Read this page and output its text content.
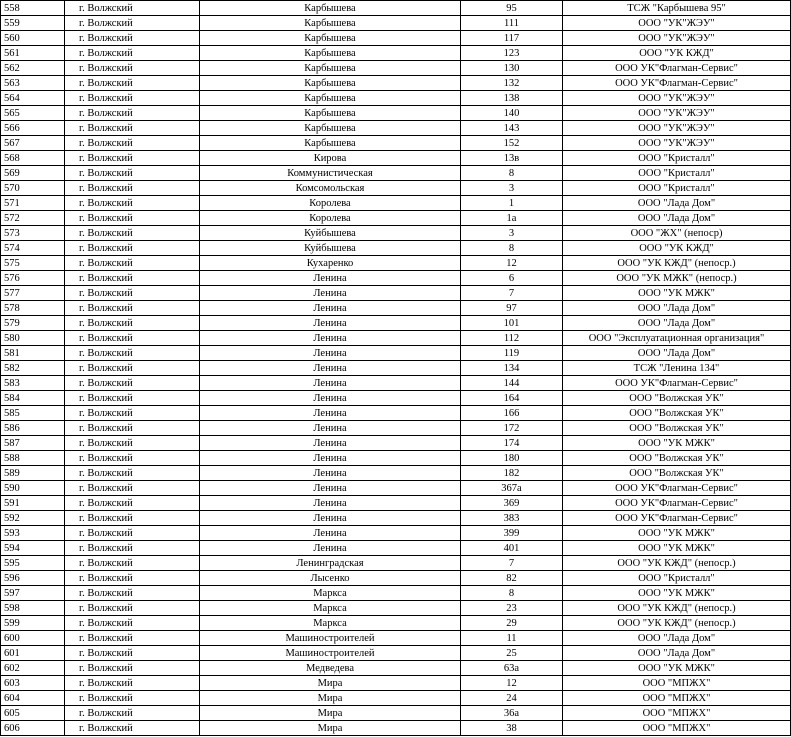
558	г. Волжский	Карбышева	95	ТСЖ "Карбышева 95"
559	г. Волжский	Карбышева	111	ООО "УК"ЖЭУ"
560	г. Волжский	Карбышева	117	ООО "УК"ЖЭУ"
561	г. Волжский	Карбышева	123	ООО "УК КЖД"
562	г. Волжский	Карбышева	130	ООО УК"Флагман-Сервис"
563	г. Волжский	Карбышева	132	ООО УК"Флагман-Сервис"
564	г. Волжский	Карбышева	138	ООО "УК"ЖЭУ"
565	г. Волжский	Карбышева	140	ООО "УК"ЖЭУ"
566	г. Волжский	Карбышева	143	ООО "УК"ЖЭУ"
567	г. Волжский	Карбышева	152	ООО "УК"ЖЭУ"
568	г. Волжский	Кирова	13в	ООО "Кристалл"
569	г. Волжский	Коммунистическая	8	ООО "Кристалл"
570	г. Волжский	Комсомольская	3	ООО "Кристалл"
571	г. Волжский	Королева	1	ООО "Лада Дом"
572	г. Волжский	Королева	1а	ООО "Лада Дом"
573	г. Волжский	Куйбышева	3	ООО "ЖХ" (непоср)
574	г. Волжский	Куйбышева	8	ООО "УК КЖД"
575	г. Волжский	Кухаренко	12	ООО "УК КЖД" (непоср.)
576	г. Волжский	Ленина	6	ООО "УК МЖК" (непоср.)
577	г. Волжский	Ленина	7	ООО "УК МЖК"
578	г. Волжский	Ленина	97	ООО "Лада Дом"
579	г. Волжский	Ленина	101	ООО "Лада Дом"
580	г. Волжский	Ленина	112	ООО "Эксплуатационная организация"
581	г. Волжский	Ленина	119	ООО "Лада Дом"
582	г. Волжский	Ленина	134	ТСЖ "Ленина 134"
583	г. Волжский	Ленина	144	ООО УК"Флагман-Сервис"
584	г. Волжский	Ленина	164	ООО "Волжская УК"
585	г. Волжский	Ленина	166	ООО "Волжская УК"
586	г. Волжский	Ленина	172	ООО "Волжская УК"
587	г. Волжский	Ленина	174	ООО "УК МЖК"
588	г. Волжский	Ленина	180	ООО "Волжская УК"
589	г. Волжский	Ленина	182	ООО "Волжская УК"
590	г. Волжский	Ленина	367а	ООО УК"Флагман-Сервис"
591	г. Волжский	Ленина	369	ООО УК"Флагман-Сервис"
592	г. Волжский	Ленина	383	ООО УК"Флагман-Сервис"
593	г. Волжский	Ленина	399	ООО "УК МЖК"
594	г. Волжский	Ленина	401	ООО "УК МЖК"
595	г. Волжский	Ленинградская	7	ООО "УК КЖД" (непоср.)
596	г. Волжский	Лысенко	82	ООО "Кристалл"
597	г. Волжский	Маркса	8	ООО "УК МЖК"
598	г. Волжский	Маркса	23	ООО "УК КЖД" (непоср.)
599	г. Волжский	Маркса	29	ООО "УК КЖД" (непоср.)
600	г. Волжский	Машиностроителей	11	ООО "Лада Дом"
601	г. Волжский	Машиностроителей	25	ООО "Лада Дом"
602	г. Волжский	Медведева	63а	ООО "УК МЖК"
603	г. Волжский	Мира	12	ООО "МПЖХ"
604	г. Волжский	Мира	24	ООО "МПЖХ"
605	г. Волжский	Мира	36а	ООО "МПЖХ"
606	г. Волжский	Мира	38	ООО "МПЖХ"
